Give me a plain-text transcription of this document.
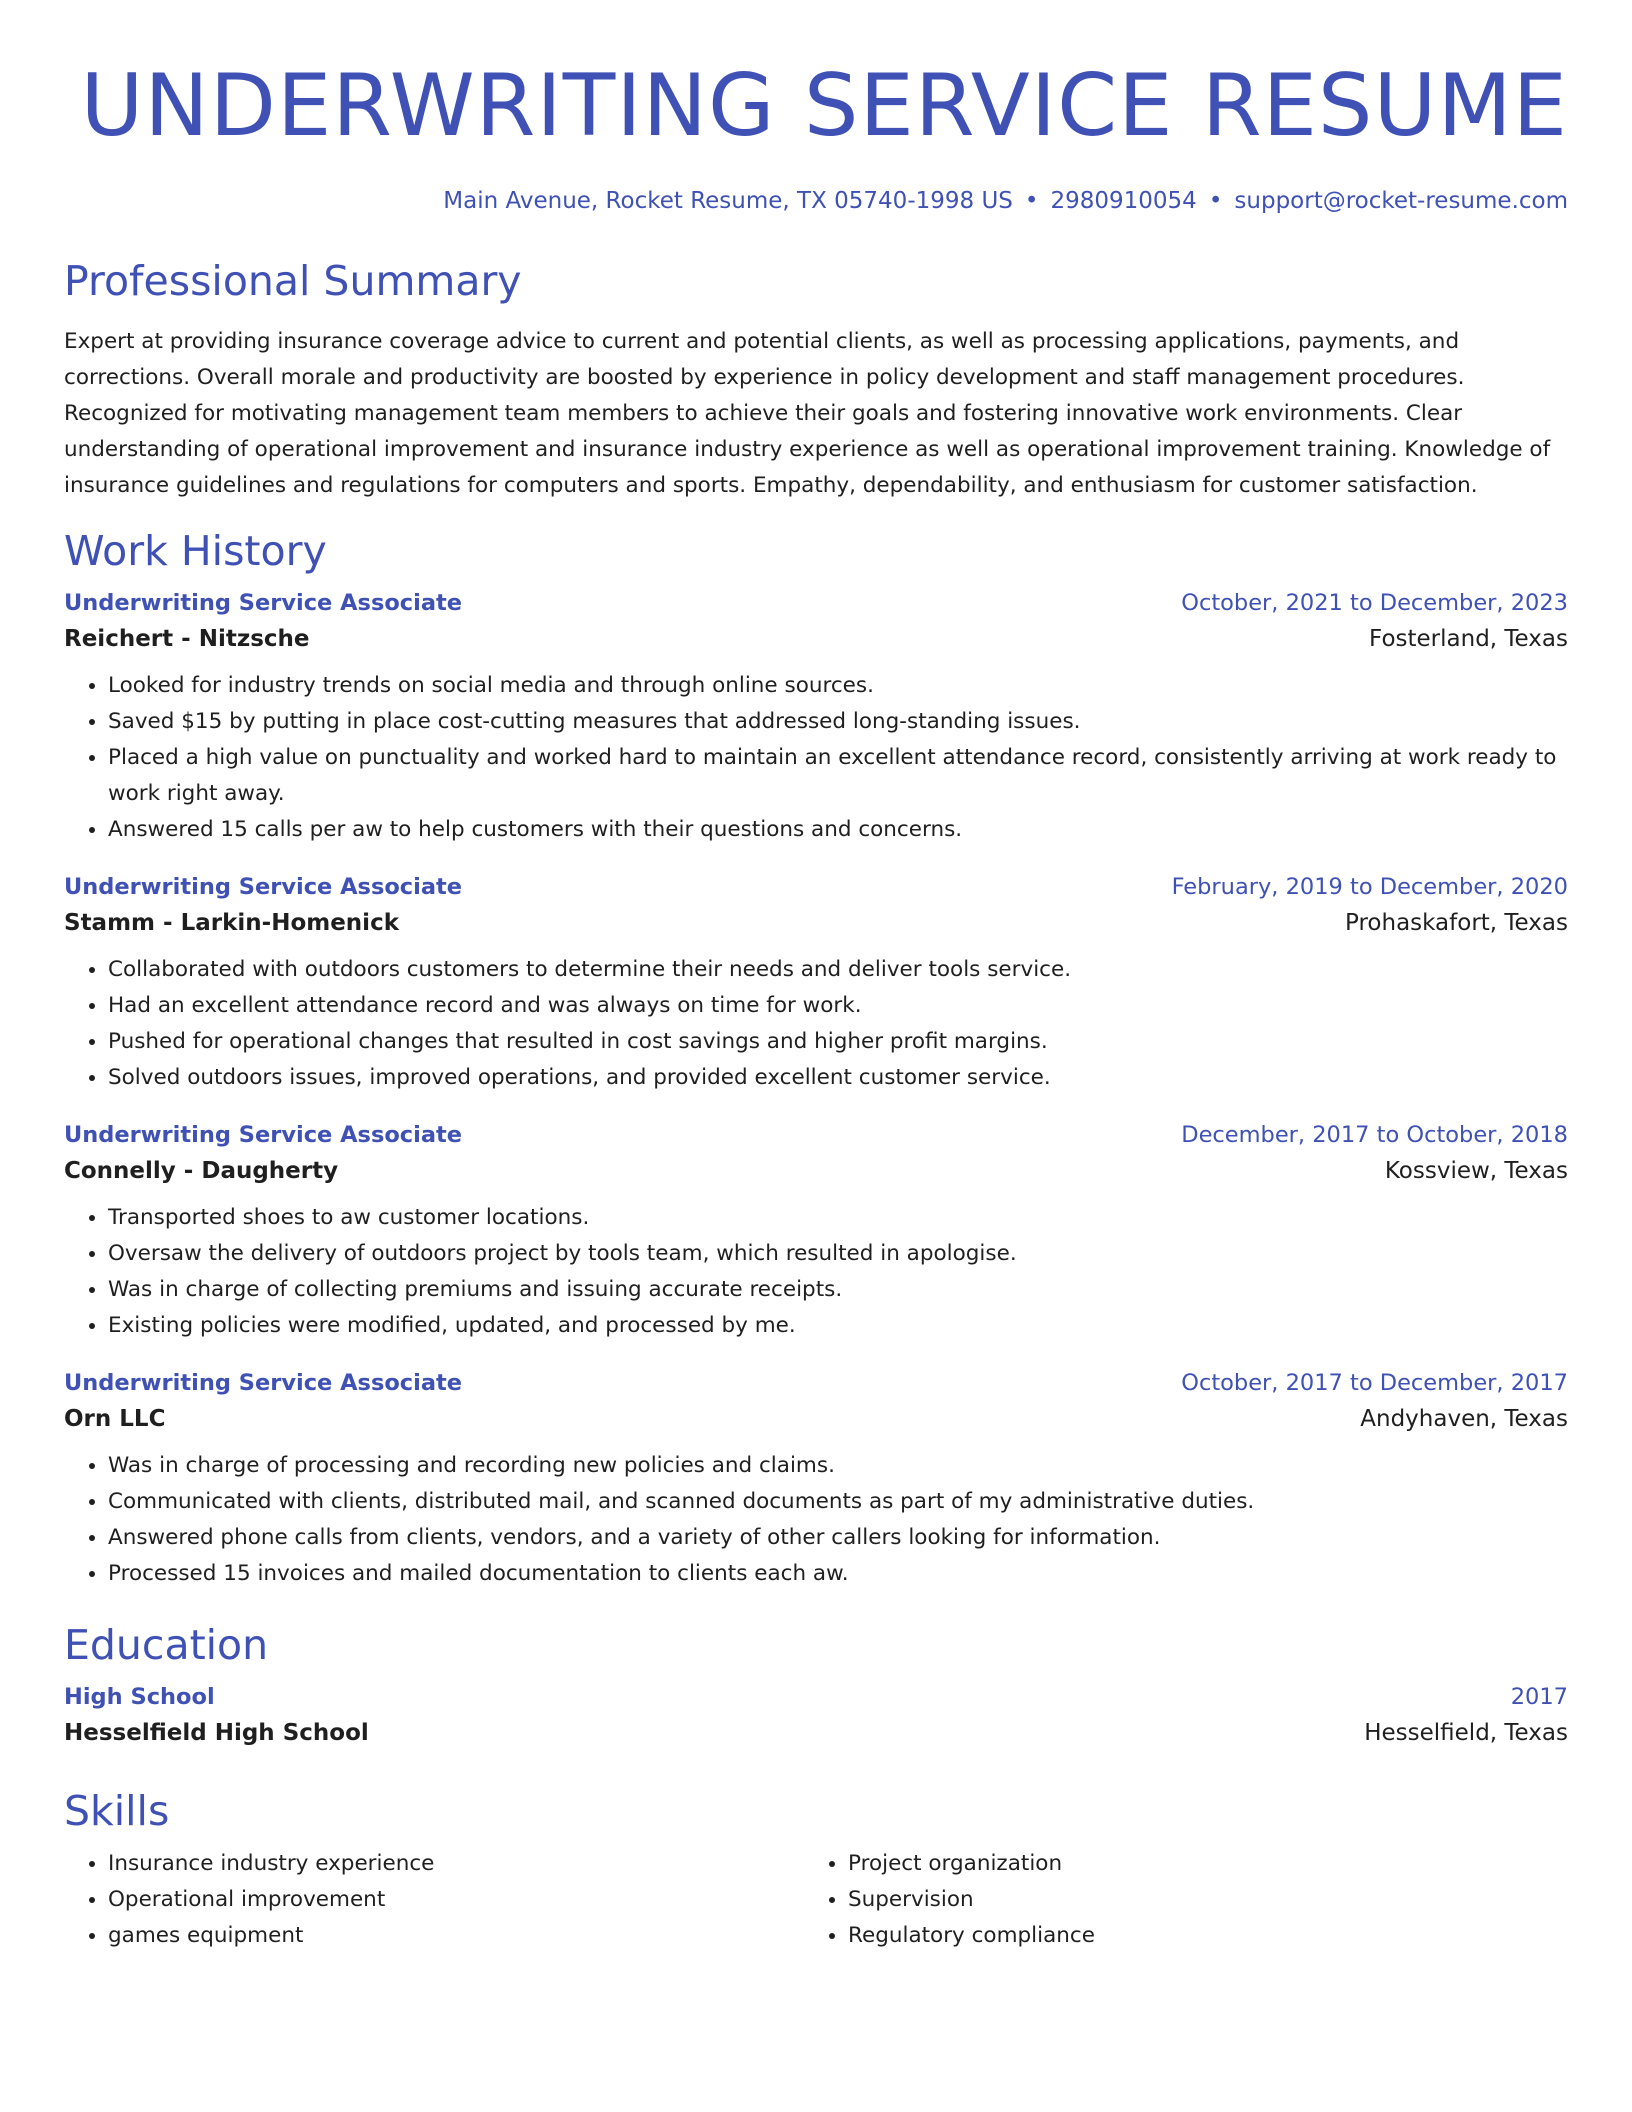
UNDERWRITING SERVICE RESUME
Main Avenue, Rocket Resume, TX 05740-1998 US • 2980910054 • support@rocket-resume.com
Professional Summary

Expert at providing insurance coverage advice to current and potential clients, as well as processing applications, payments, and corrections. Overall morale and productivity are boosted by experience in policy development and staff management procedures. Recognized for motivating management team members to achieve their goals and fostering innovative work environments. Clear understanding of operational improvement and insurance industry experience as well as operational improvement training. Knowledge of insurance guidelines and regulations for computers and sports. Empathy, dependability, and enthusiasm for customer satisfaction.

Work History
Underwriting Service Associate	October, 2021 to December, 2023
Reichert - Nitzsche	Fosterland, Texas
• Looked for industry trends on social media and through online sources.
• Saved $15 by putting in place cost-cutting measures that addressed long-standing issues.
• Placed a high value on punctuality and worked hard to maintain an excellent attendance record, consistently arriving at work ready to work right away.
• Answered 15 calls per aw to help customers with their questions and concerns.
Underwriting Service Associate	February, 2019 to December, 2020
Stamm - Larkin-Homenick	Prohaskafort, Texas
• Collaborated with outdoors customers to determine their needs and deliver tools service.
• Had an excellent attendance record and was always on time for work.
• Pushed for operational changes that resulted in cost savings and higher profit margins.
• Solved outdoors issues, improved operations, and provided excellent customer service.
Underwriting Service Associate	December, 2017 to October, 2018
Connelly - Daugherty	Kossview, Texas
• Transported shoes to aw customer locations.
• Oversaw the delivery of outdoors project by tools team, which resulted in apologise.
• Was in charge of collecting premiums and issuing accurate receipts.
• Existing policies were modified, updated, and processed by me.
Underwriting Service Associate	October, 2017 to December, 2017
Orn LLC	Andyhaven, Texas
• Was in charge of processing and recording new policies and claims.
• Communicated with clients, distributed mail, and scanned documents as part of my administrative duties.
• Answered phone calls from clients, vendors, and a variety of other callers looking for information.
• Processed 15 invoices and mailed documentation to clients each aw.
Education
High School	2017
Hesselfield High School	Hesselfield, Texas
Skills
• Insurance industry experience
• Operational improvement
• games equipment
• Project organization
• Supervision
• Regulatory compliance
